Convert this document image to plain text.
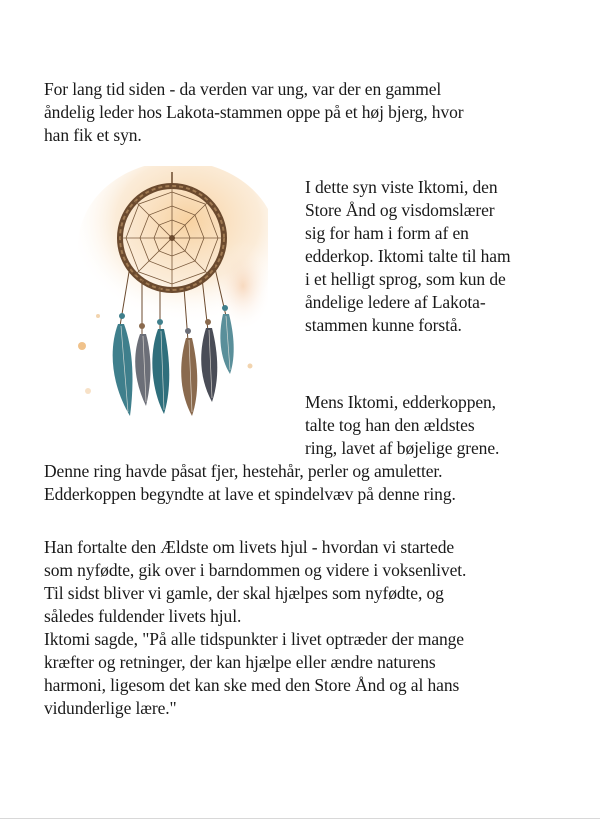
For lang tid siden - da verden var ung, var der en gammel
åndelig leder hos Lakota-stammen oppe på et høj bjerg, hvor
han fik et syn.
I dette syn viste Iktomi, den
Store Ånd og visdomslærer
sig for ham i form af en
edderkop. Iktomi talte til ham
i et helligt sprog, som kun de
åndelige ledere af Lakota-
stammen kunne forstå.
Mens Iktomi, edderkoppen,
talte tog han den ældstes
ring, lavet af bøjelige grene.
Denne ring havde påsat fjer, hestehår, perler og amuletter.
Edderkoppen begyndte at lave et spindelvæv på denne ring.
Han fortalte den Ældste om livets hjul - hvordan vi startede
som nyfødte, gik over i barndommen og videre i voksenlivet.
Til sidst bliver vi gamle, der skal hjælpes som nyfødte, og
således fuldender livets hjul.
Iktomi sagde, "På alle tidspunkter i livet optræder der mange
kræfter og retninger, der kan hjælpe eller ændre naturens
harmoni, ligesom det kan ske med den Store Ånd og al hans
vidunderlige lære."
